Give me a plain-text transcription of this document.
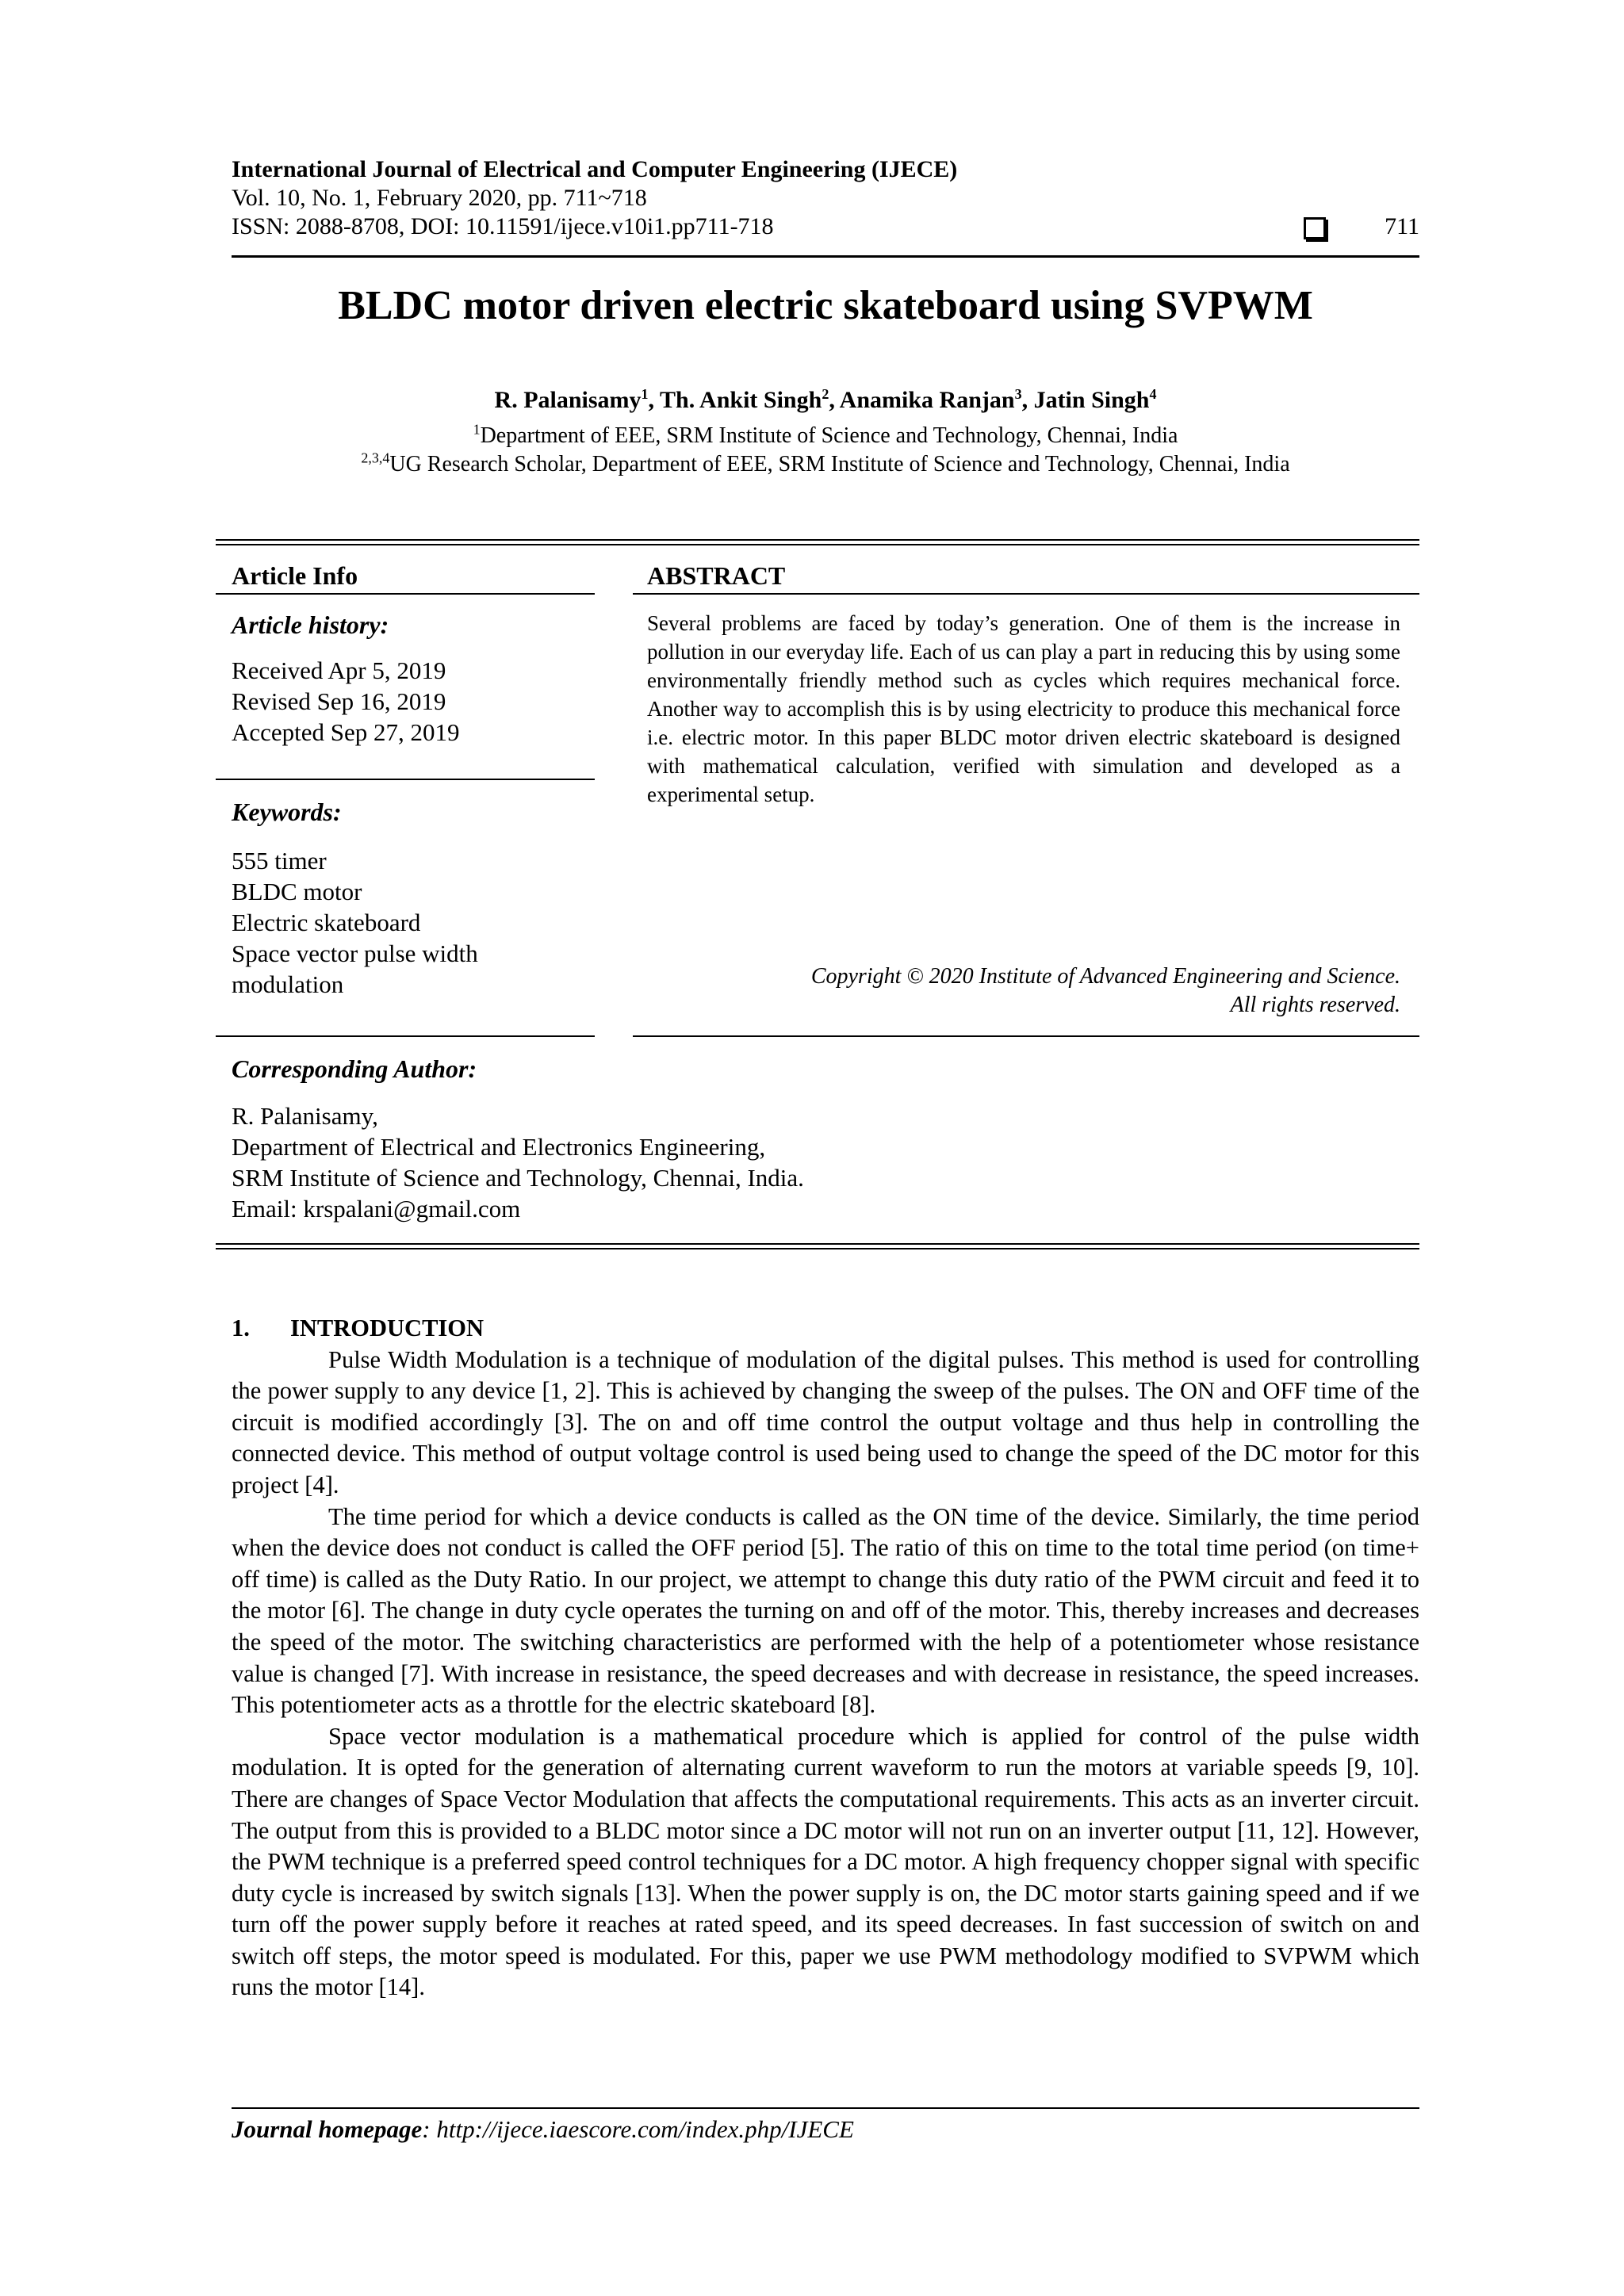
International Journal of Electrical and Computer Engineering (IJECE)
Vol. 10, No. 1, February 2020, pp. 711~718
ISSN: 2088-8708, DOI: 10.11591/ijece.v10i1.pp711-718	711
BLDC motor driven electric skateboard using SVPWM
R. Palanisamy$^1$, Th. Ankit Singh$^2$, Anamika Ranjan$^3$, Jatin Singh$^4$
$^1$Department of EEE, SRM Institute of Science and Technology, Chennai, India
$^{2,3,4}$UG Research Scholar, Department of EEE, SRM Institute of Science and Technology, Chennai, India
Article Info	ABSTRACT
Article history:
Received Apr 5, 2019
Revised Sep 16, 2019
Accepted Sep 27, 2019
Several problems are faced by today’s generation. One of them is the increase in pollution in our everyday life. Each of us can play a part in reducing this by using some environmentally friendly method such as cycles which requires mechanical force. Another way to accomplish this is by using electricity to produce this mechanical force i.e. electric motor. In this paper BLDC motor driven electric skateboard is designed with mathematical calculation, verified with simulation and developed as a experimental setup.
Keywords:
555 timer
BLDC motor
Electric skateboard
Space vector pulse width
modulation	Copyright © 2020 Institute of Advanced Engineering and Science.
All rights reserved.
Corresponding Author:
R. Palanisamy,
Department of Electrical and Electronics Engineering,
SRM Institute of Science and Technology, Chennai, India.
Email: krspalani@gmail.com
1. INTRODUCTION

Pulse Width Modulation is a technique of modulation of the digital pulses. This method is used for controlling the power supply to any device [1, 2]. This is achieved by changing the sweep of the pulses. The ON and OFF time of the circuit is modified accordingly [3]. The on and off time control the output voltage and thus help in controlling the connected device. This method of output voltage control is used being used to change the speed of the DC motor for this project [4].

The time period for which a device conducts is called as the ON time of the device. Similarly, the time period when the device does not conduct is called the OFF period [5]. The ratio of this on time to the total time period (on time+ off time) is called as the Duty Ratio. In our project, we attempt to change this duty ratio of the PWM circuit and feed it to the motor [6]. The change in duty cycle operates the turning on and off of the motor. This, thereby increases and decreases the speed of the motor. The switching characteristics are performed with the help of a potentiometer whose resistance value is changed [7]. With increase in resistance, the speed decreases and with decrease in resistance, the speed increases. This potentiometer acts as a throttle for the electric skateboard [8].

Space vector modulation is a mathematical procedure which is applied for control of the pulse width modulation. It is opted for the generation of alternating current waveform to run the motors at variable speeds [9, 10]. There are changes of Space Vector Modulation that affects the computational requirements. This acts as an inverter circuit. The output from this is provided to a BLDC motor since a DC motor will not run on an inverter output [11, 12]. However, the PWM technique is a preferred speed control techniques for a DC motor. A high frequency chopper signal with specific duty cycle is increased by switch signals [13]. When the power supply is on, the DC motor starts gaining speed and if we turn off the power supply before it reaches at rated speed, and its speed decreases. In fast succession of switch on and switch off steps, the motor speed is modulated. For this, paper we use PWM methodology modified to SVPWM which runs the motor [14].

Journal homepage: http://ijece.iaescore.com/index.php/IJECE
